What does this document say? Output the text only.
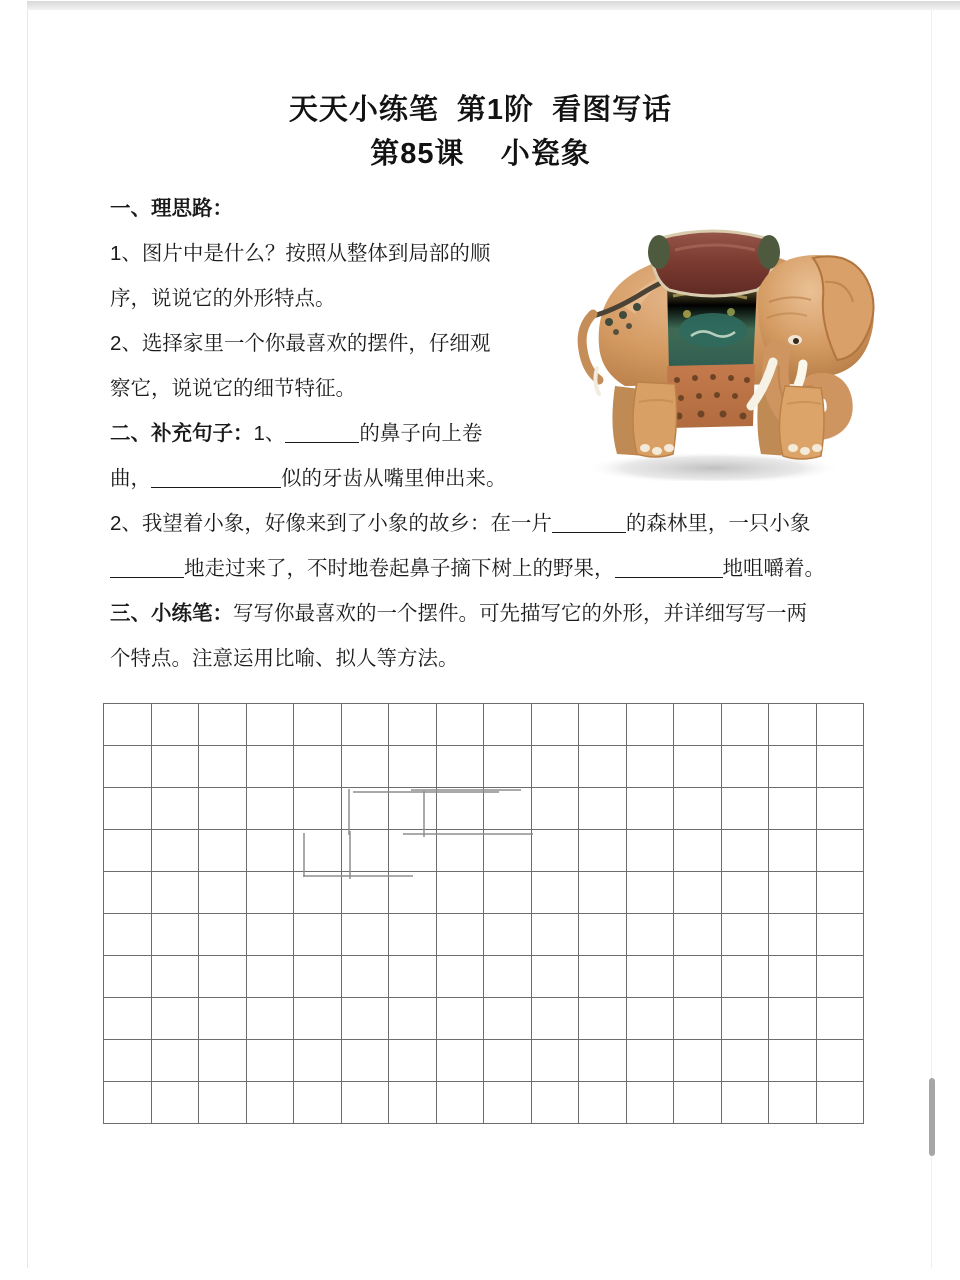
天天小练笔  第1阶  看图写话
第85课    小瓷象

一、理思路：

1、图片中是什么？按照从整体到局部的顺

序，说说它的外形特点。

2、选择家里一个你最喜欢的摆件，仔细观

察它，说说它的细节特征。

二、补充句子：1、	的鼻子向上卷

曲，	似的牙齿从嘴里伸出来。

2、我望着小象，好像来到了小象的故乡：在一片	的森林里，一只小象

地走过来了，不时地卷起鼻子摘下树上的野果，	地咀嚼着。

三、小练笔：写写你最喜欢的一个摆件。可先描写它的外形，并详细写写一两

个特点。注意运用比喻、拟人等方法。
